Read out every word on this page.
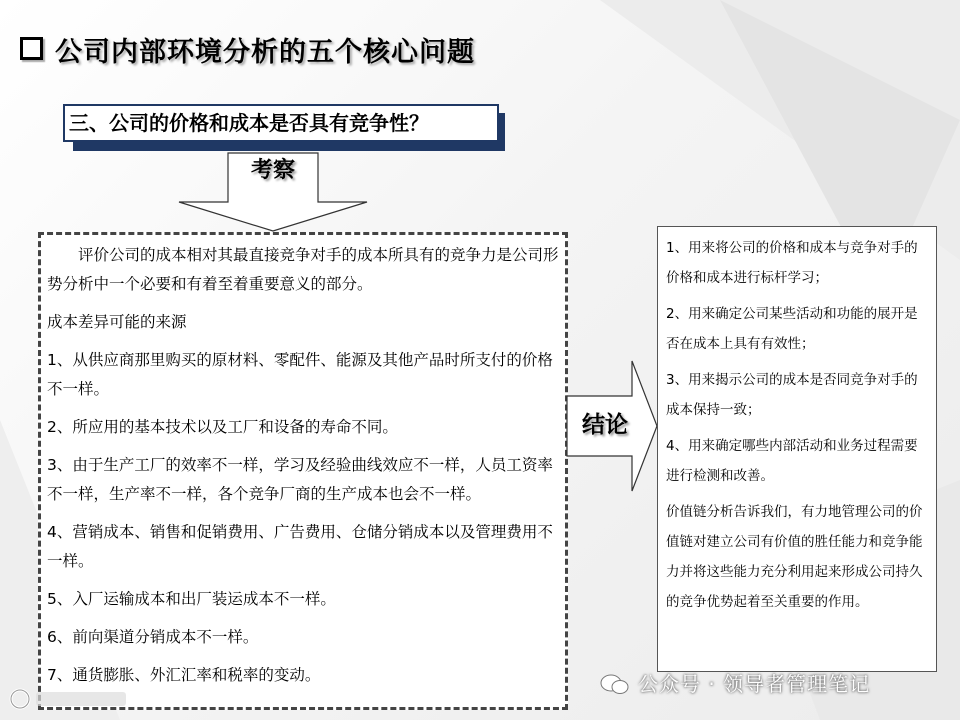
公司内部环境分析的五个核心问题
三、公司的价格和成本是否具有竞争性？
考察

评价公司的成本相对其最直接竞争对手的成本所具有的竞争力是公司形势分析中一个必要和有着至着重要意义的部分。

成本差异可能的来源

1、从供应商那里购买的原材料、零配件、能源及其他产品时所支付的价格不一样。

2、所应用的基本技术以及工厂和设备的寿命不同。

3、由于生产工厂的效率不一样，学习及经验曲线效应不一样，人员工资率不一样，生产率不一样，各个竞争厂商的生产成本也会不一样。

4、营销成本、销售和促销费用、广告费用、仓储分销成本以及管理费用不一样。

5、入厂运输成本和出厂装运成本不一样。

6、前向渠道分销成本不一样。

7、通货膨胀、外汇汇率和税率的变动。

结论

1、用来将公司的价格和成本与竞争对手的价格和成本进行标杆学习；

2、用来确定公司某些活动和功能的展开是否在成本上具有有效性；

3、用来揭示公司的成本是否同竞争对手的成本保持一致；

4、用来确定哪些内部活动和业务过程需要进行检测和改善。

价值链分析告诉我们，有力地管理公司的价值链对建立公司有价值的胜任能力和竞争能力并将这些能力充分利用起来形成公司持久的竞争优势起着至关重要的作用。

公众号 · 领导者管理笔记
